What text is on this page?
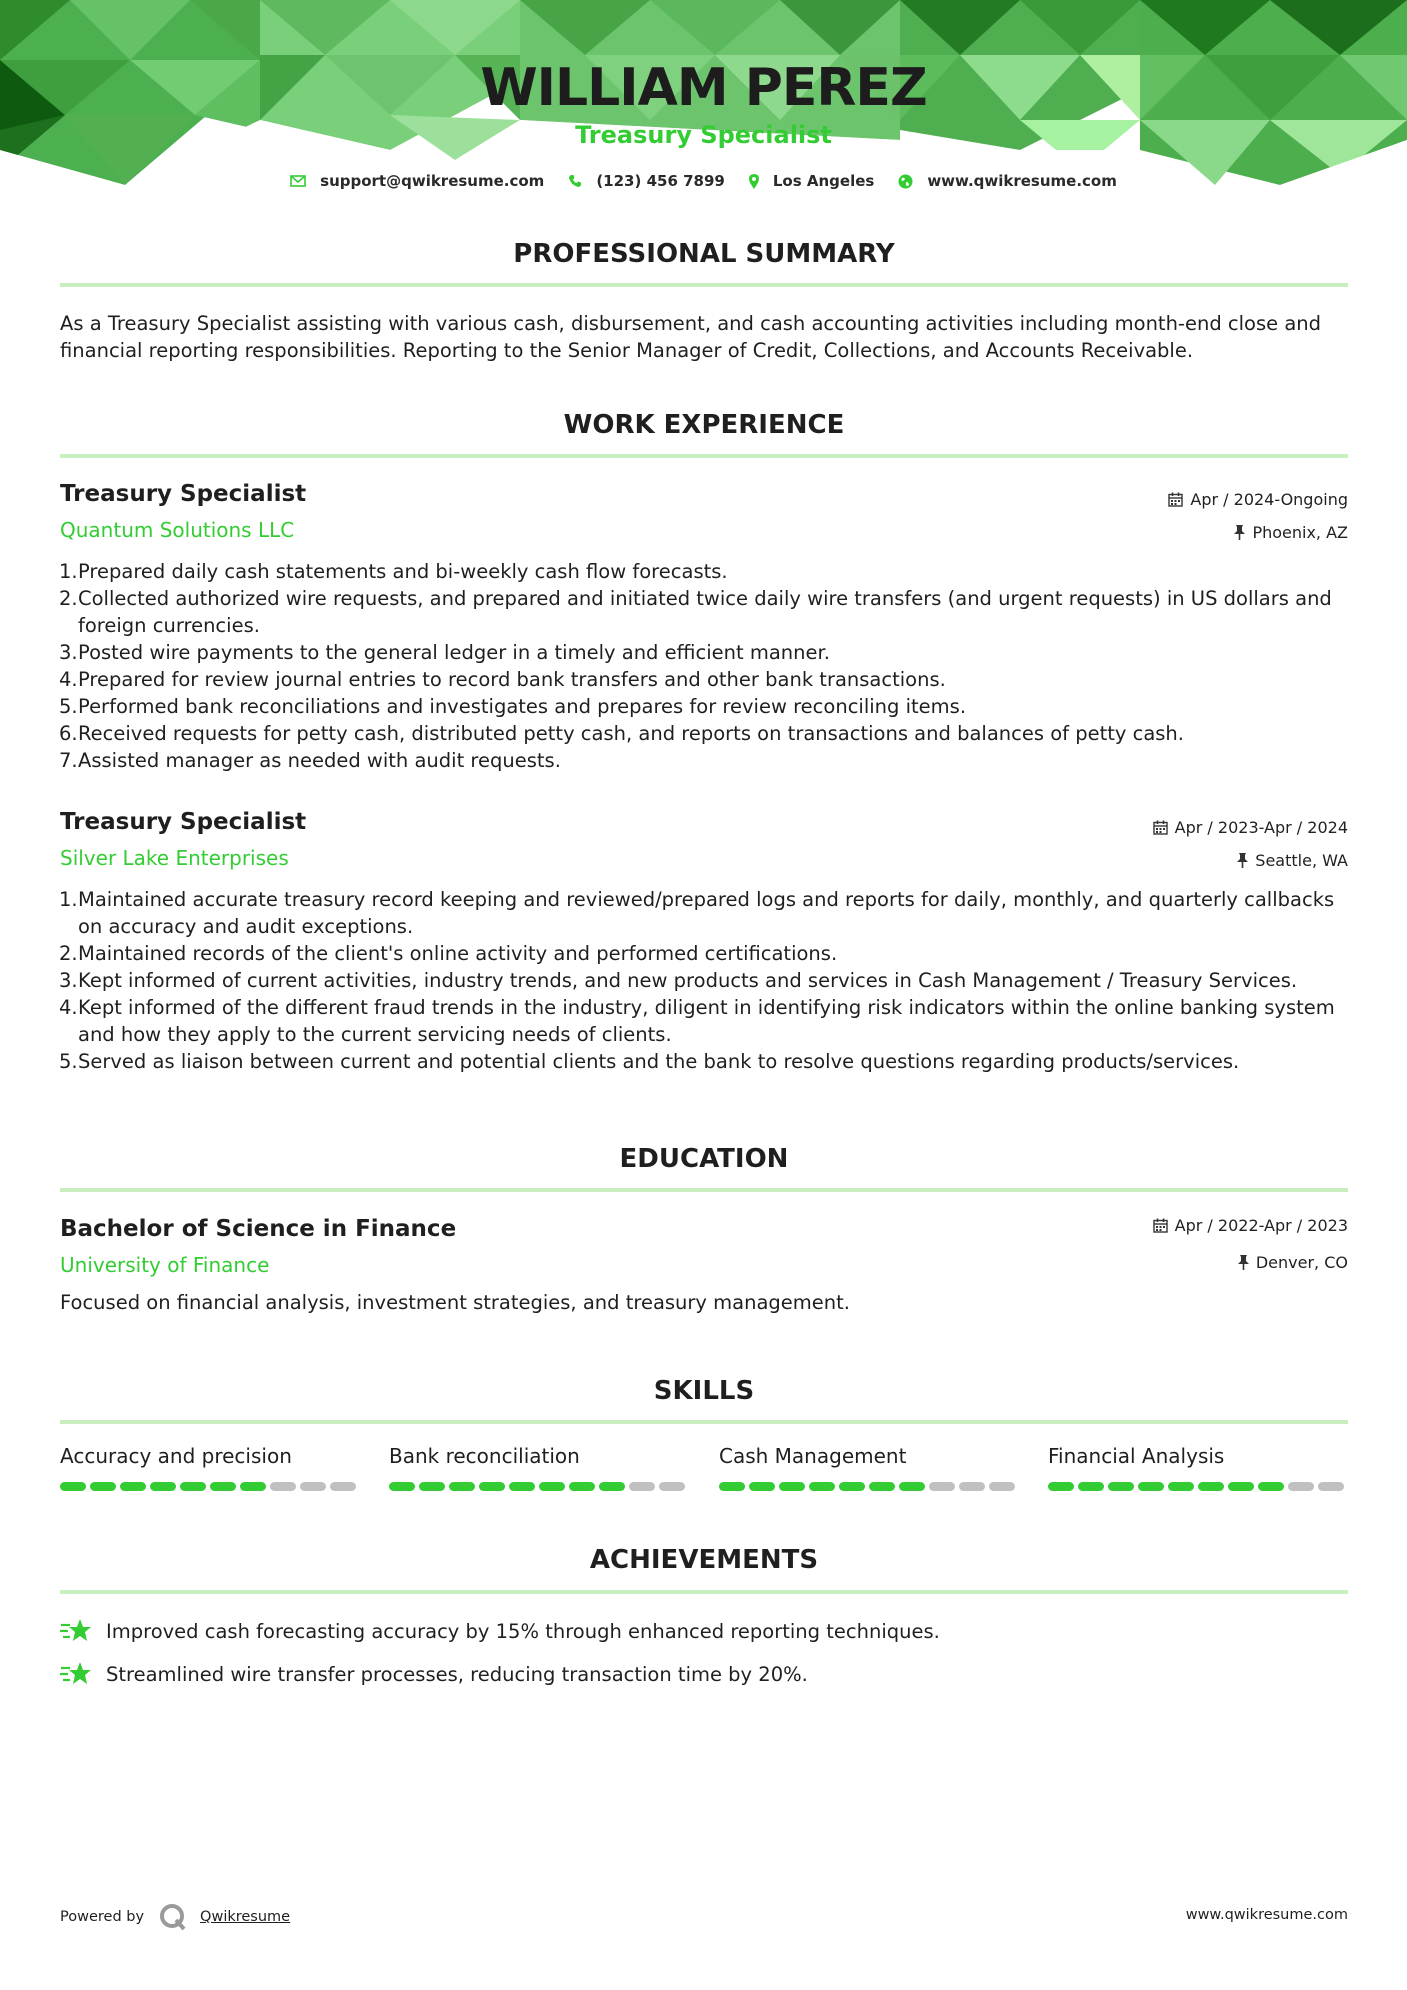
WILLIAM PEREZ
Treasury Specialist
support@qwikresume.com	(123) 456 7899	Los Angeles	www.qwikresume.com
PROFESSIONAL SUMMARY
As a Treasury Specialist assisting with various cash, disbursement, and cash accounting activities including month-end close and financial reporting responsibilities. Reporting to the Senior Manager of Credit, Collections, and Accounts Receivable.
WORK EXPERIENCE
Treasury Specialist
Quantum Solutions LLC
Apr / 2024-Ongoing
Phoenix, AZ
1. Prepared daily cash statements and bi-weekly cash flow forecasts.
2. Collected authorized wire requests, and prepared and initiated twice daily wire transfers (and urgent requests) in US dollars and foreign currencies.
3. Posted wire payments to the general ledger in a timely and efficient manner.
4. Prepared for review journal entries to record bank transfers and other bank transactions.
5. Performed bank reconciliations and investigates and prepares for review reconciling items.
6. Received requests for petty cash, distributed petty cash, and reports on transactions and balances of petty cash.
7. Assisted manager as needed with audit requests.
Treasury Specialist
Silver Lake Enterprises
Apr / 2023-Apr / 2024
Seattle, WA
1. Maintained accurate treasury record keeping and reviewed/prepared logs and reports for daily, monthly, and quarterly callbacks on accuracy and audit exceptions.
2. Maintained records of the client's online activity and performed certifications.
3. Kept informed of current activities, industry trends, and new products and services in Cash Management / Treasury Services.
4. Kept informed of the different fraud trends in the industry, diligent in identifying risk indicators within the online banking system and how they apply to the current servicing needs of clients.
5. Served as liaison between current and potential clients and the bank to resolve questions regarding products/services.
EDUCATION
Bachelor of Science in Finance
University of Finance
Apr / 2022-Apr / 2023
Denver, CO
Focused on financial analysis, investment strategies, and treasury management.
SKILLS
Accuracy and precision	Bank reconciliation	Cash Management	Financial Analysis
ACHIEVEMENTS
Improved cash forecasting accuracy by 15% through enhanced reporting techniques.
Streamlined wire transfer processes, reducing transaction time by 20%.
Powered by	Qwikresume	www.qwikresume.com
